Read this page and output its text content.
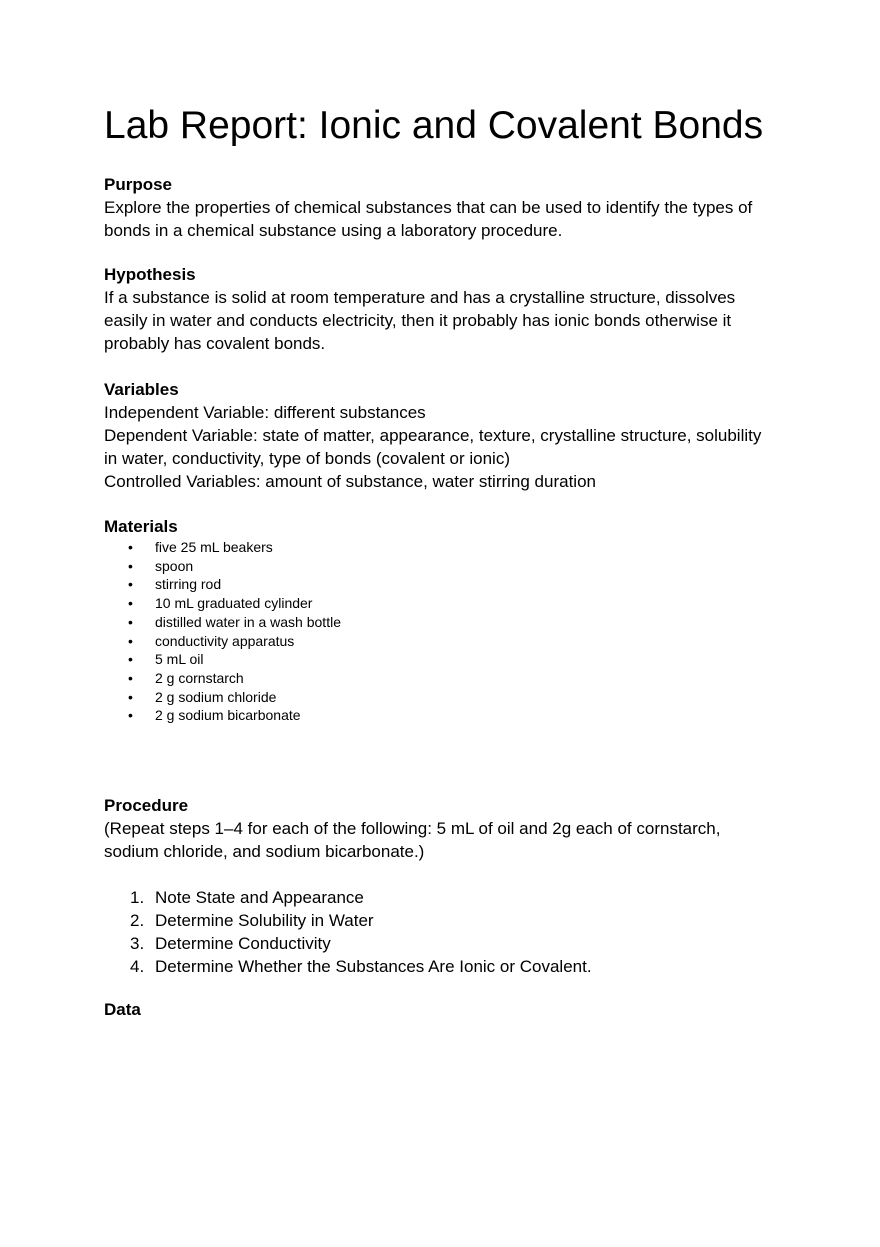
Lab Report: Ionic and Covalent Bonds

Purpose

Explore the properties of chemical substances that can be used to identify the types of

bonds in a chemical substance using a laboratory procedure.

Hypothesis

If a substance is solid at room temperature and has a crystalline structure, dissolves

easily in water and conducts electricity, then it probably has ionic bonds otherwise it

probably has covalent bonds.

Variables

Independent Variable: different substances

Dependent Variable: state of matter, appearance, texture, crystalline structure, solubility

in water, conductivity, type of bonds (covalent or ionic)

Controlled Variables: amount of substance, water stirring duration

Materials

• five 25 mL beakers
• spoon
• stirring rod
• 10 mL graduated cylinder
• distilled water in a wash bottle
• conductivity apparatus
• 5 mL oil
• 2 g cornstarch
• 2 g sodium chloride
• 2 g sodium bicarbonate

Procedure

(Repeat steps 1–4 for each of the following: 5 mL of oil and 2g each of cornstarch,

sodium chloride, and sodium bicarbonate.)

1. Note State and Appearance
2. Determine Solubility in Water
3. Determine Conductivity
4. Determine Whether the Substances Are Ionic or Covalent.

Data
